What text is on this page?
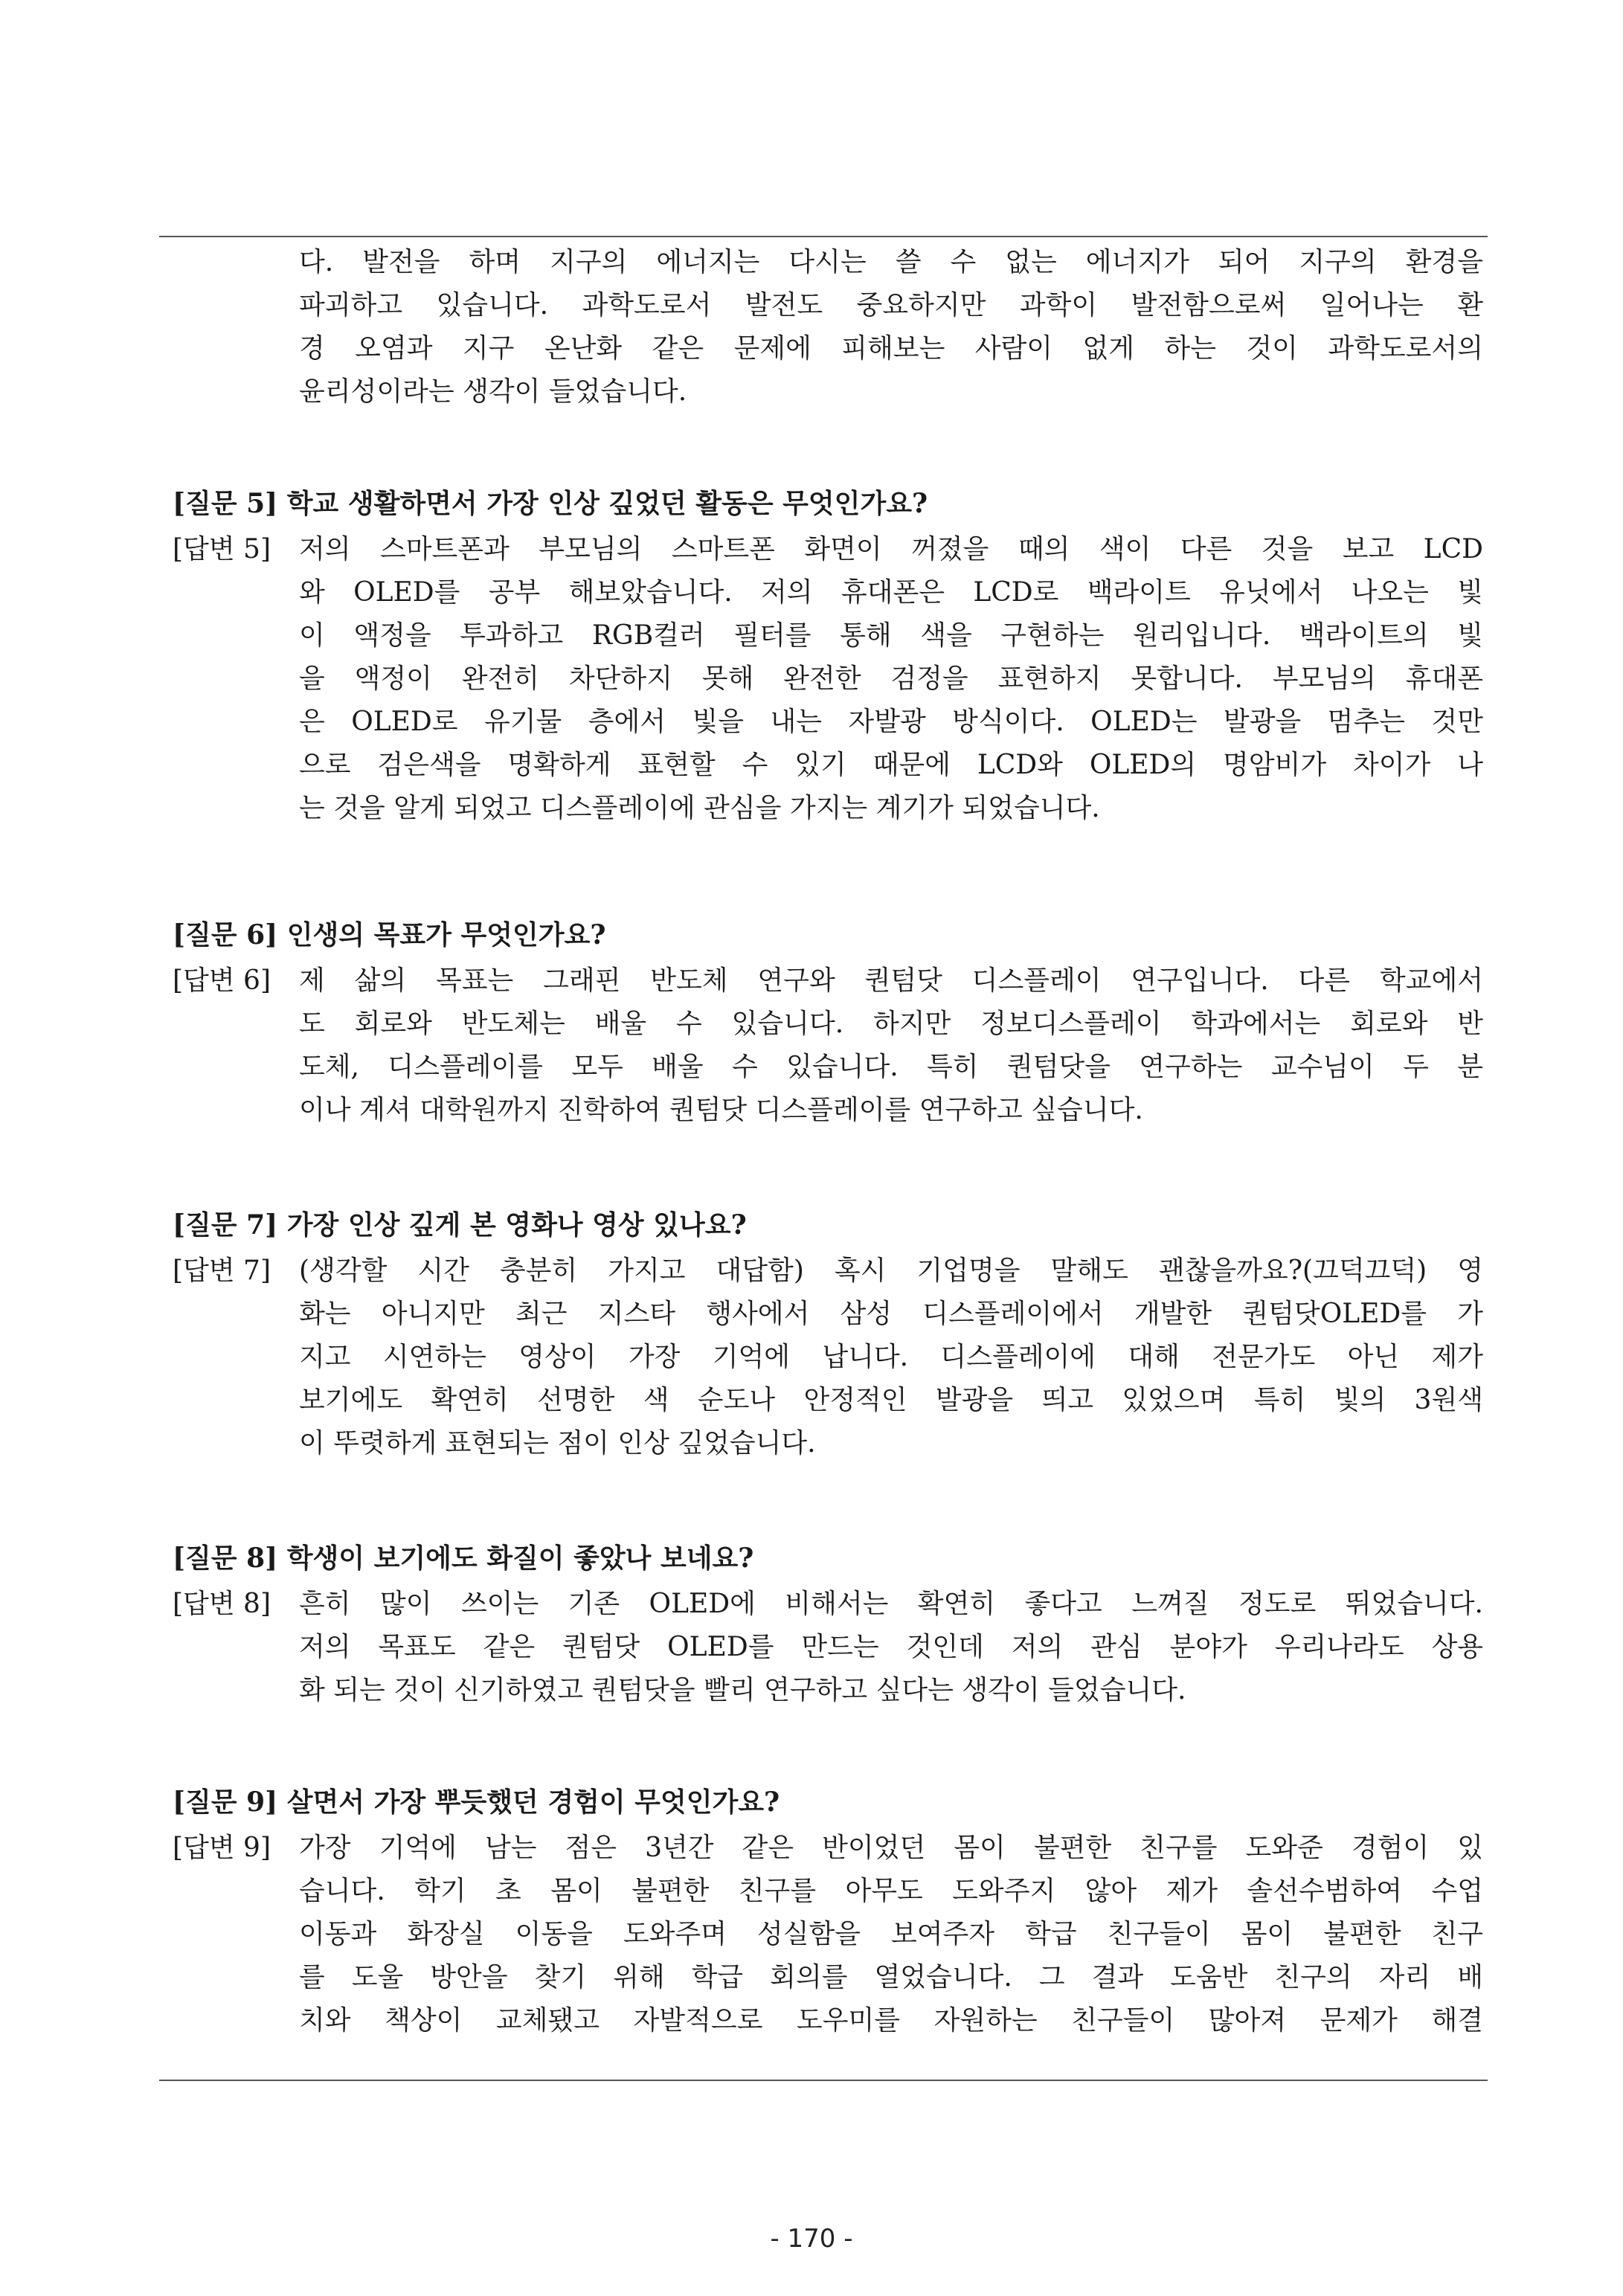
다. 발전을 하며 지구의 에너지는 다시는 쓸 수 없는 에너지가 되어 지구의 환경을
파괴하고 있습니다. 과학도로서 발전도 중요하지만 과학이 발전함으로써 일어나는 환
경 오염과 지구 온난화 같은 문제에 피해보는 사람이 없게 하는 것이 과학도로서의
윤리성이라는 생각이 들었습니다.
[질문 5] 학교 생활하면서 가장 인상 깊었던 활동은 무엇인가요?
[답변 5]	저의 스마트폰과 부모님의 스마트폰 화면이 꺼졌을 때의 색이 다른 것을 보고 LCD
와 OLED를 공부 해보았습니다. 저의 휴대폰은 LCD로 백라이트 유닛에서 나오는 빛
이 액정을 투과하고 RGB컬러 필터를 통해 색을 구현하는 원리입니다. 백라이트의 빛
을 액정이 완전히 차단하지 못해 완전한 검정을 표현하지 못합니다. 부모님의 휴대폰
은 OLED로 유기물 층에서 빛을 내는 자발광 방식이다. OLED는 발광을 멈추는 것만
으로 검은색을 명확하게 표현할 수 있기 때문에 LCD와 OLED의 명암비가 차이가 나
는 것을 알게 되었고 디스플레이에 관심을 가지는 계기가 되었습니다.
[질문 6] 인생의 목표가 무엇인가요?
[답변 6]	제 삶의 목표는 그래핀 반도체 연구와 퀀텀닷 디스플레이 연구입니다. 다른 학교에서
도 회로와 반도체는 배울 수 있습니다. 하지만 정보디스플레이 학과에서는 회로와 반
도체, 디스플레이를 모두 배울 수 있습니다. 특히 퀀텀닷을 연구하는 교수님이 두 분
이나 계셔 대학원까지 진학하여 퀀텀닷 디스플레이를 연구하고 싶습니다.
[질문 7] 가장 인상 깊게 본 영화나 영상 있나요?
[답변 7]	(생각할 시간 충분히 가지고 대답함) 혹시 기업명을 말해도 괜찮을까요?(끄덕끄덕) 영
화는 아니지만 최근 지스타 행사에서 삼성 디스플레이에서 개발한 퀀텀닷OLED를 가
지고 시연하는 영상이 가장 기억에 납니다. 디스플레이에 대해 전문가도 아닌 제가
보기에도 확연히 선명한 색 순도나 안정적인 발광을 띄고 있었으며 특히 빛의 3원색
이 뚜렷하게 표현되는 점이 인상 깊었습니다.
[질문 8] 학생이 보기에도 화질이 좋았나 보네요?
[답변 8]	흔히 많이 쓰이는 기존 OLED에 비해서는 확연히 좋다고 느껴질 정도로 뛰었습니다.
저의 목표도 같은 퀀텀닷 OLED를 만드는 것인데 저의 관심 분야가 우리나라도 상용
화 되는 것이 신기하였고 퀀텀닷을 빨리 연구하고 싶다는 생각이 들었습니다.
[질문 9] 살면서 가장 뿌듯했던 경험이 무엇인가요?
[답변 9]	가장 기억에 남는 점은 3년간 같은 반이었던 몸이 불편한 친구를 도와준 경험이 있
습니다. 학기 초 몸이 불편한 친구를 아무도 도와주지 않아 제가 솔선수범하여 수업
이동과 화장실 이동을 도와주며 성실함을 보여주자 학급 친구들이 몸이 불편한 친구
를 도울 방안을 찾기 위해 학급 회의를 열었습니다. 그 결과 도움반 친구의 자리 배
치와 책상이 교체됐고 자발적으로 도우미를 자원하는 친구들이 많아져 문제가 해결
- 170 -
